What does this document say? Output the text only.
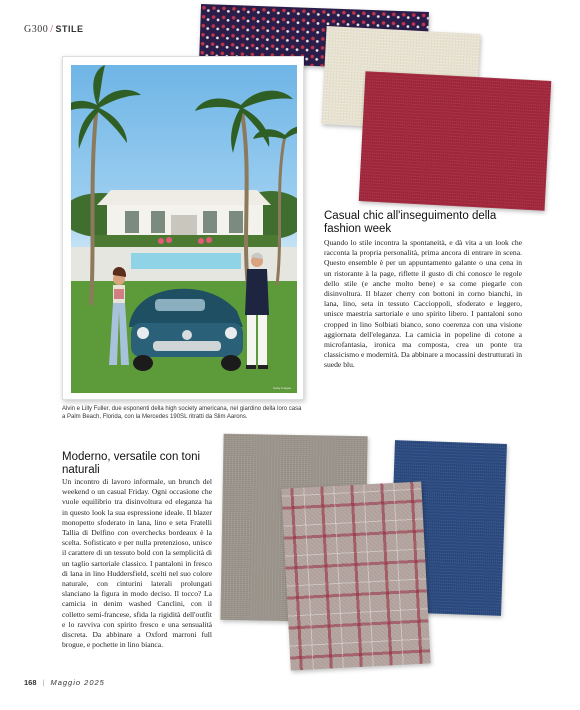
G300 / STILE
Getty Images
Casual chic all'inseguimento della fashion week

Quando lo stile incontra la spontaneità, e dà vita a un look che racconta la propria personalità, prima ancora di entrare in scena. Questo ensemble è per un appuntamento galante o una cena in un ristorante à la page, riflette il gusto di chi conosce le regole dello stile (e anche molto bene) e sa come piegarle con disinvoltura. Il blazer cherry con bottoni in corno bianchi, in lana, lino, seta in tessuto Caccioppoli, sfoderato e leggero, unisce maestria sartoriale e uno spirito libero. I pantaloni sono cropped in lino Solbiati bianco, sono coerenza con una visione aggiornata dell'eleganza. La camicia in popeline di cotone a microfantasia, ironica ma composta, crea un ponte tra classicismo e modernità. Da abbinare a mocassini destrutturati in suede blu.

Alvin e Lilly Fuller, due esponenti della high society americana, nel giardino della loro casa a Palm Beach, Florida, con la Mercedes 190SL ritratti da Slim Aarons.

Moderno, versatile con toni naturali

Un incontro di lavoro informale, un brunch del weekend o un casual Friday. Ogni occasione che vuole equilibrio tra disinvoltura ed eleganza ha in questo look la sua espressione ideale. Il blazer monopetto sfoderato in lana, lino e seta Fratelli Tallia di Delfino con overchecks bordeaux è la scelta. Sofisticato e per nulla pretenzioso, unisce il carattere di un tessuto bold con la semplicità di un taglio sartoriale classico. I pantaloni in fresco di lana in lino Huddersfield, scelti nel suo colore naturale, con cinturini laterali prolungati slanciano la figura in modo deciso. Il tocco? La camicia in denim washed Canclini, con il colletto semi-francese, sfida la rigidità dell'outfit e lo ravviva con spirito fresco e una sensualità discreta. Da abbinare a Oxford marroni full brogue, e pochette in lino bianca.

168 | Maggio 2025
